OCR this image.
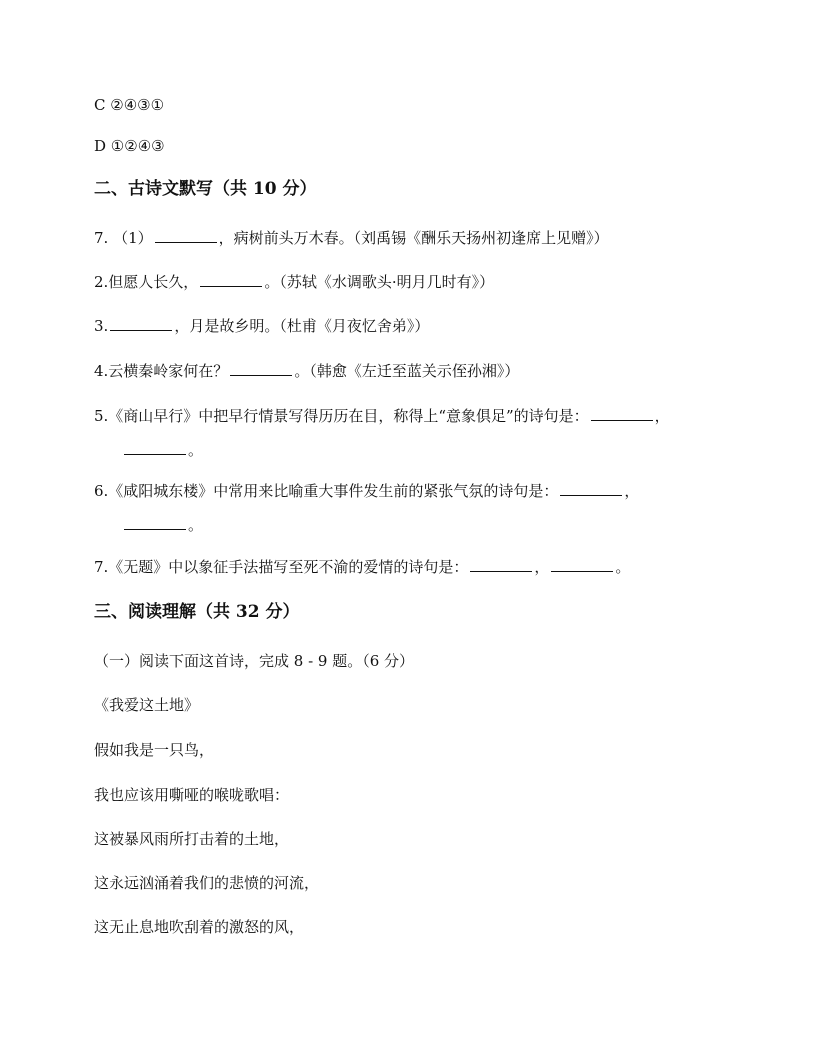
C ②④③①
D ①②④③
二、古诗文默写（共 10 分）
7. （1）	，病树前头万木春。（刘禹锡《酬乐天扬州初逢席上见赠》）
2.但愿人长久，	。（苏轼《水调歌头·明月几时有》）
3.	，月是故乡明。（杜甫《月夜忆舍弟》）
4.云横秦岭家何在？	。（韩愈《左迁至蓝关示侄孙湘》）
5.《商山早行》中把早行情景写得历历在目，称得上“意象俱足”的诗句是：	，
。
6.《咸阳城东楼》中常用来比喻重大事件发生前的紧张气氛的诗句是：	，
。
7.《无题》中以象征手法描写至死不渝的爱情的诗句是：	，	。
三、阅读理解（共 32 分）
（一）阅读下面这首诗，完成 8 - 9 题。（6 分）
《我爱这土地》
假如我是一只鸟，
我也应该用嘶哑的喉咙歌唱：
这被暴风雨所打击着的土地，
这永远汹涌着我们的悲愤的河流，
这无止息地吹刮着的激怒的风，
